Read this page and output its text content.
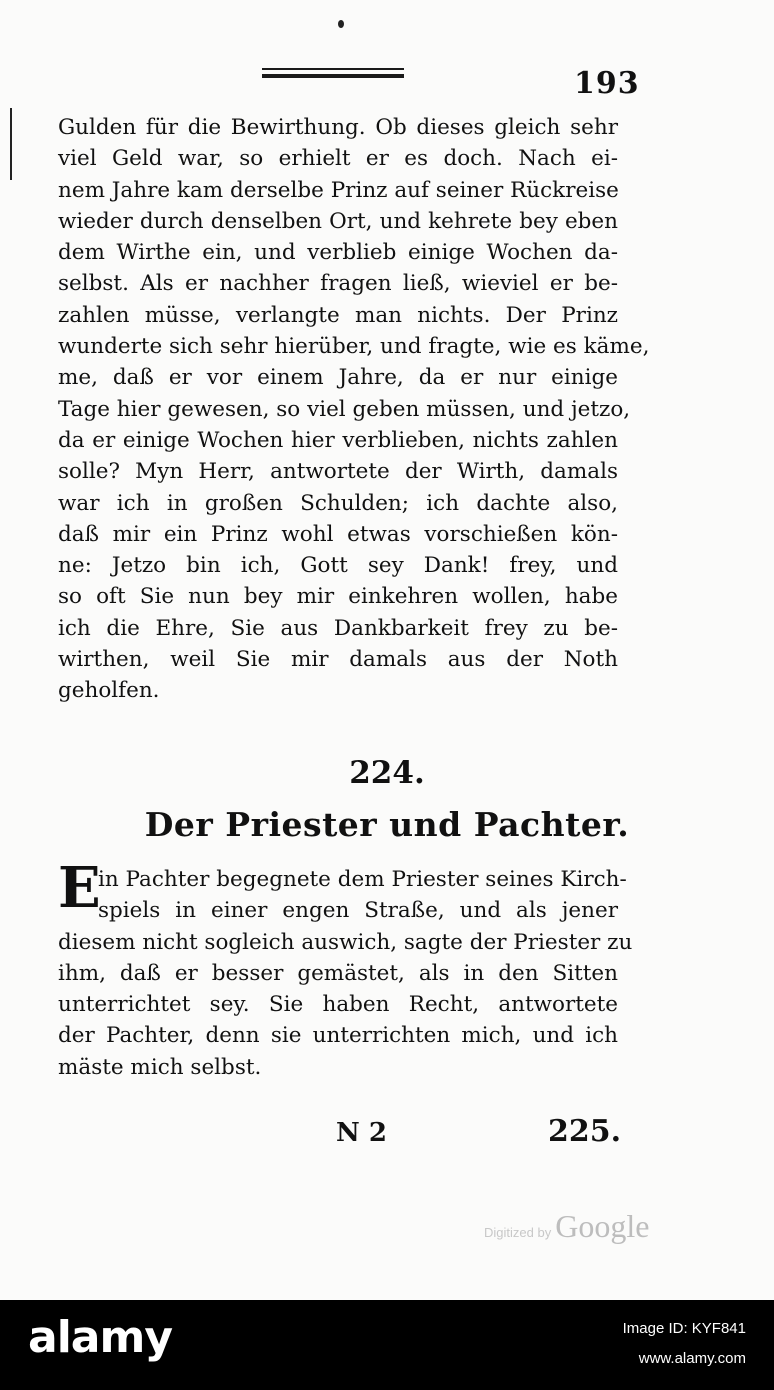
193
Gulden für die Bewirthung. Ob dieses gleich sehr
viel Geld war, so erhielt er es doch. Nach ei-
nem Jahre kam derselbe Prinz auf seiner Rückreise
wieder durch denselben Ort, und kehrete bey eben
dem Wirthe ein, und verblieb einige Wochen da-
selbst. Als er nachher fragen ließ, wieviel er be-
zahlen müsse, verlangte man nichts. Der Prinz
wunderte sich sehr hierüber, und fragte, wie es käme,
me, daß er vor einem Jahre, da er nur einige
Tage hier gewesen, so viel geben müssen, und jetzo,
da er einige Wochen hier verblieben, nichts zahlen
solle? Myn Herr, antwortete der Wirth, damals
war ich in großen Schulden; ich dachte also,
daß mir ein Prinz wohl etwas vorschießen kön-
ne: Jetzo bin ich, Gott sey Dank! frey, und
so oft Sie nun bey mir einkehren wollen, habe
ich die Ehre, Sie aus Dankbarkeit frey zu be-
wirthen, weil Sie mir damals aus der Noth
geholfen.
224.
Der Priester und Pachter.
E
in Pachter begegnete dem Priester seines Kirch-
spiels in einer engen Straße, und als jener
diesem nicht sogleich auswich, sagte der Priester zu
ihm, daß er besser gemästet, als in den Sitten
unterrichtet sey. Sie haben Recht, antwortete
der Pachter, denn sie unterrichten mich, und ich
mäste mich selbst.
N 2	225.
Digitized by Google
alamy	Image ID: KYF841
www.alamy.com
